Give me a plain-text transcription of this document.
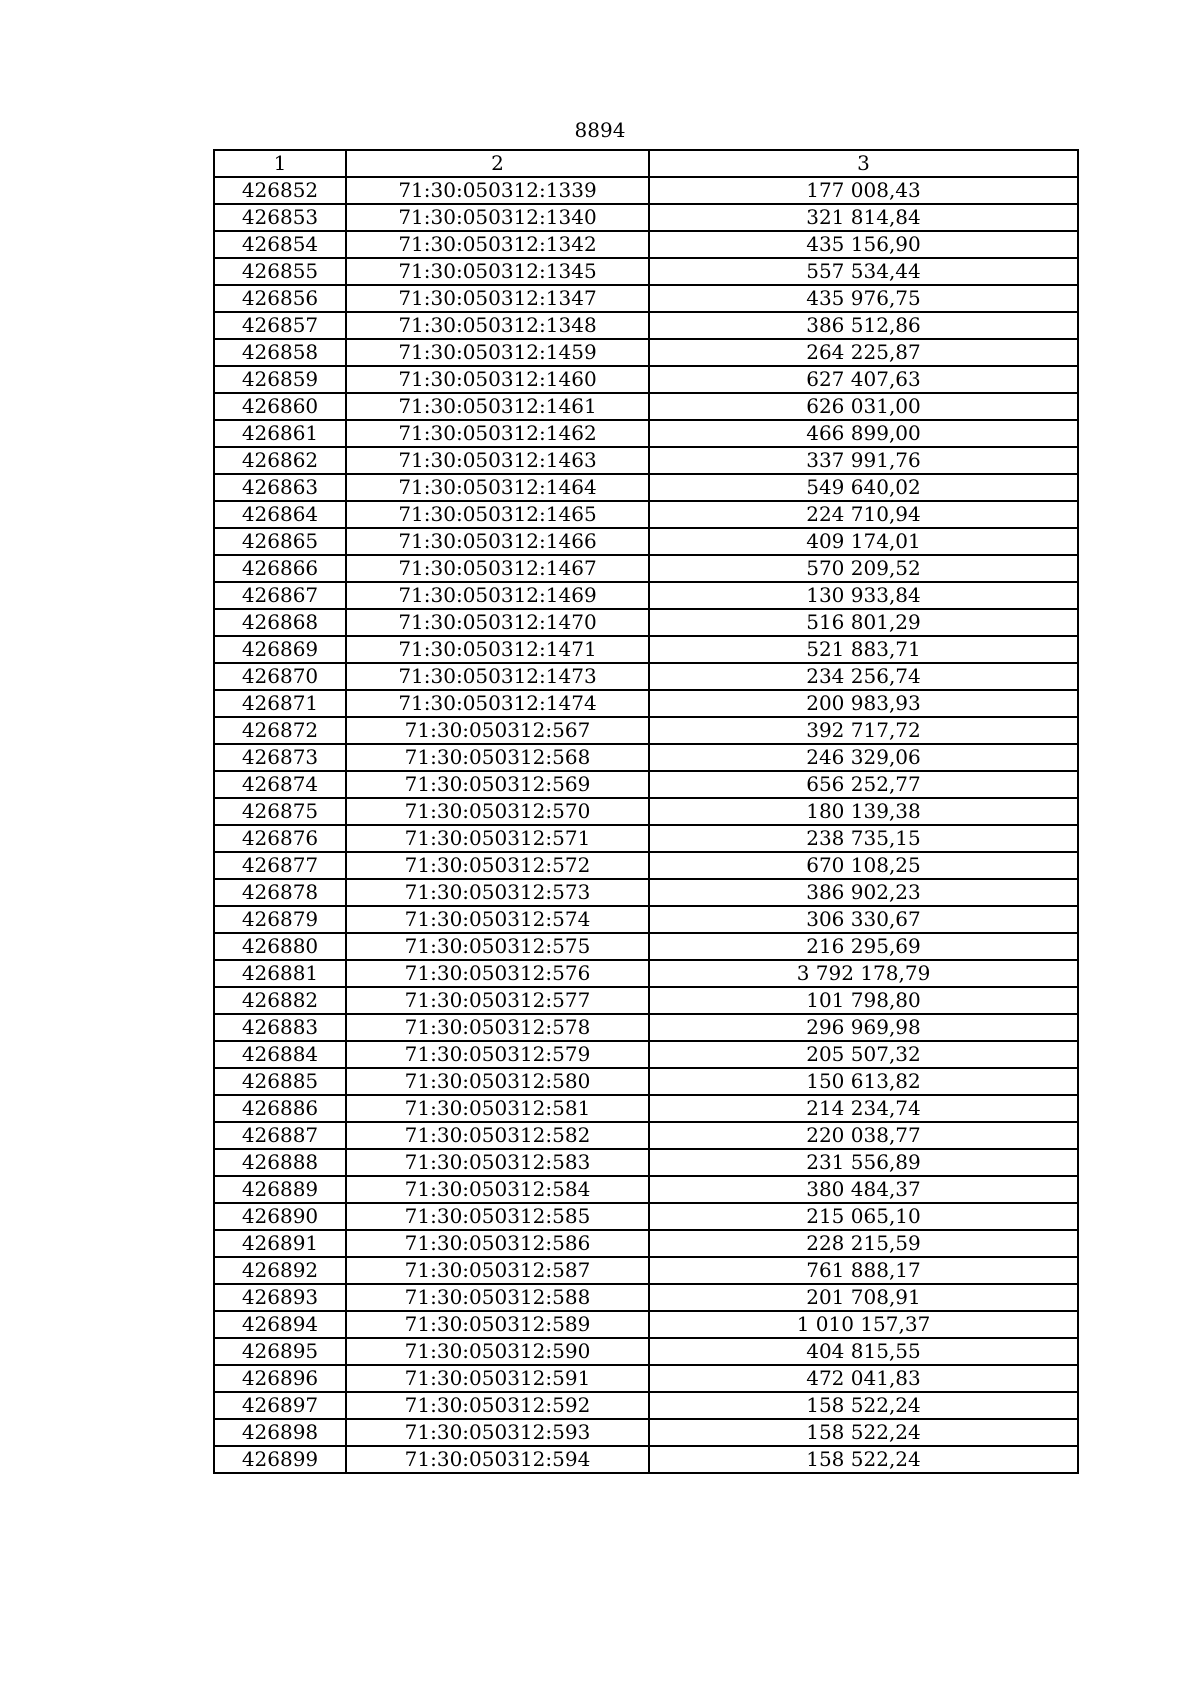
8894
1	2	3
426852	71:30:050312:1339	177 008,43
426853	71:30:050312:1340	321 814,84
426854	71:30:050312:1342	435 156,90
426855	71:30:050312:1345	557 534,44
426856	71:30:050312:1347	435 976,75
426857	71:30:050312:1348	386 512,86
426858	71:30:050312:1459	264 225,87
426859	71:30:050312:1460	627 407,63
426860	71:30:050312:1461	626 031,00
426861	71:30:050312:1462	466 899,00
426862	71:30:050312:1463	337 991,76
426863	71:30:050312:1464	549 640,02
426864	71:30:050312:1465	224 710,94
426865	71:30:050312:1466	409 174,01
426866	71:30:050312:1467	570 209,52
426867	71:30:050312:1469	130 933,84
426868	71:30:050312:1470	516 801,29
426869	71:30:050312:1471	521 883,71
426870	71:30:050312:1473	234 256,74
426871	71:30:050312:1474	200 983,93
426872	71:30:050312:567	392 717,72
426873	71:30:050312:568	246 329,06
426874	71:30:050312:569	656 252,77
426875	71:30:050312:570	180 139,38
426876	71:30:050312:571	238 735,15
426877	71:30:050312:572	670 108,25
426878	71:30:050312:573	386 902,23
426879	71:30:050312:574	306 330,67
426880	71:30:050312:575	216 295,69
426881	71:30:050312:576	3 792 178,79
426882	71:30:050312:577	101 798,80
426883	71:30:050312:578	296 969,98
426884	71:30:050312:579	205 507,32
426885	71:30:050312:580	150 613,82
426886	71:30:050312:581	214 234,74
426887	71:30:050312:582	220 038,77
426888	71:30:050312:583	231 556,89
426889	71:30:050312:584	380 484,37
426890	71:30:050312:585	215 065,10
426891	71:30:050312:586	228 215,59
426892	71:30:050312:587	761 888,17
426893	71:30:050312:588	201 708,91
426894	71:30:050312:589	1 010 157,37
426895	71:30:050312:590	404 815,55
426896	71:30:050312:591	472 041,83
426897	71:30:050312:592	158 522,24
426898	71:30:050312:593	158 522,24
426899	71:30:050312:594	158 522,24
